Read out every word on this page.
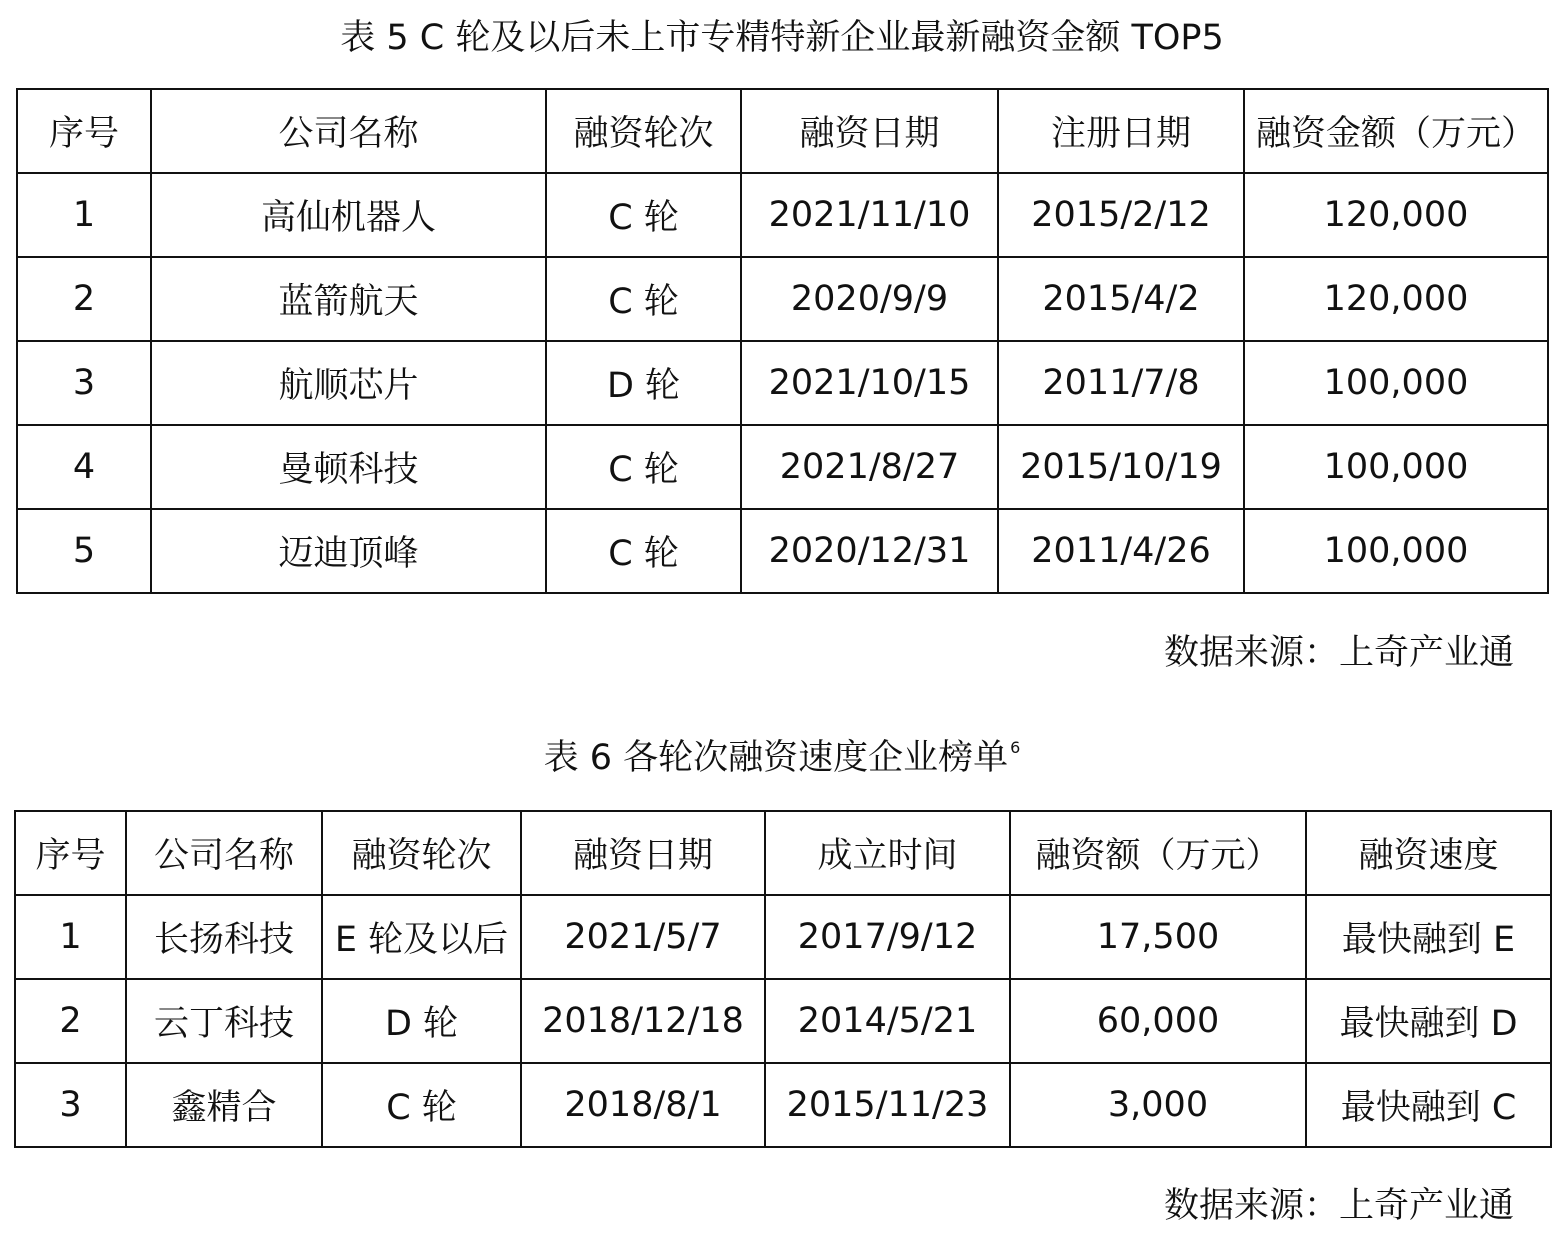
表 5 C 轮及以后未上市专精特新企业最新融资金额 TOP5
序号	公司名称	融资轮次	融资日期	注册日期	融资金额（万元）
1	高仙机器人	C 轮	2021/11/10	2015/2/12	120,000
2	蓝箭航天	C 轮	2020/9/9	2015/4/2	120,000
3	航顺芯片	D 轮	2021/10/15	2011/7/8	100,000
4	曼顿科技	C 轮	2021/8/27	2015/10/19	100,000
5	迈迪顶峰	C 轮	2020/12/31	2011/4/26	100,000
数据来源：上奇产业通
表 6 各轮次融资速度企业榜单 $^6$
序号	公司名称	融资轮次	融资日期	成立时间	融资额（万元）	融资速度
1	长扬科技	E 轮及以后	2021/5/7	2017/9/12	17,500	最快融到 E
2	云丁科技	D 轮	2018/12/18	2014/5/21	60,000	最快融到 D
3	鑫精合	C 轮	2018/8/1	2015/11/23	3,000	最快融到 C
数据来源：上奇产业通
